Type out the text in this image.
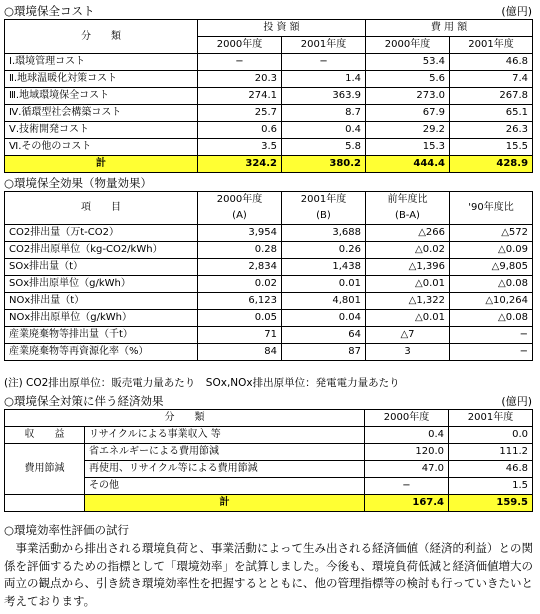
○環境保全コスト	(億円)
分　　類	投 資 額		費 用 額	
	2000年度	2001年度	2000年度	2001年度
Ⅰ.環境管理コスト	−	−	53.4	46.8
Ⅱ.地球温暖化対策コスト	20.3	1.4	5.6	7.4
Ⅲ.地域環境保全コスト	274.1	363.9	273.0	267.8
Ⅳ.循環型社会構築コスト	25.7	8.7	67.9	65.1
Ⅴ.技術開発コスト	0.6	0.4	29.2	26.3
Ⅵ.その他のコスト	3.5	5.8	15.3	15.5
計	324.2	380.2	444.4	428.9
○環境保全効果（物量効果）
項　　目	2000年度	2001年度	前年度比	'90年度比
	(A)	(B)	(B-A)	
CO2排出量（万t-CO2）	3,954	3,688	△266	△572
CO2排出原単位（kg-CO2/kWh）	0.28	0.26	△0.02	△0.09
SOx排出量（t）	2,834	1,438	△1,396	△9,805
SOx排出原単位（g/kWh）	0.02	0.01	△0.01	△0.08
NOx排出量（t）	6,123	4,801	△1,322	△10,264
NOx排出原単位（g/kWh）	0.05	0.04	△0.01	△0.08
産業廃棄物等排出量（千t）	71	64	△7	−
産業廃棄物等再資源化率（%）	84	87	3	−
(注) CO2排出原単位：販売電力量あたり　SOx,NOx排出原単位：発電電力量あたり
○環境保全対策に伴う経済効果	(億円)
分　　類		2000年度	2001年度
収　　益	リサイクルによる事業収入 等	0.4	0.0
費用節減	省エネルギーによる費用節減	120.0	111.2
	再使用、リサイクル等による費用節減	47.0	46.8
	その他	−	1.5
	計	167.4	159.5
○環境効率性評価の試行

事業活動から排出される環境負荷と、事業活動によって生み出される経済価値（経済的利益）との関係を評価するための指標として「環境効率」を試算しました。今後も、環境負荷低減と経済価値増大の両立の観点から、引き続き環境効率性を把握するとともに、他の管理指標等の検討も行っていきたいと考えております。
